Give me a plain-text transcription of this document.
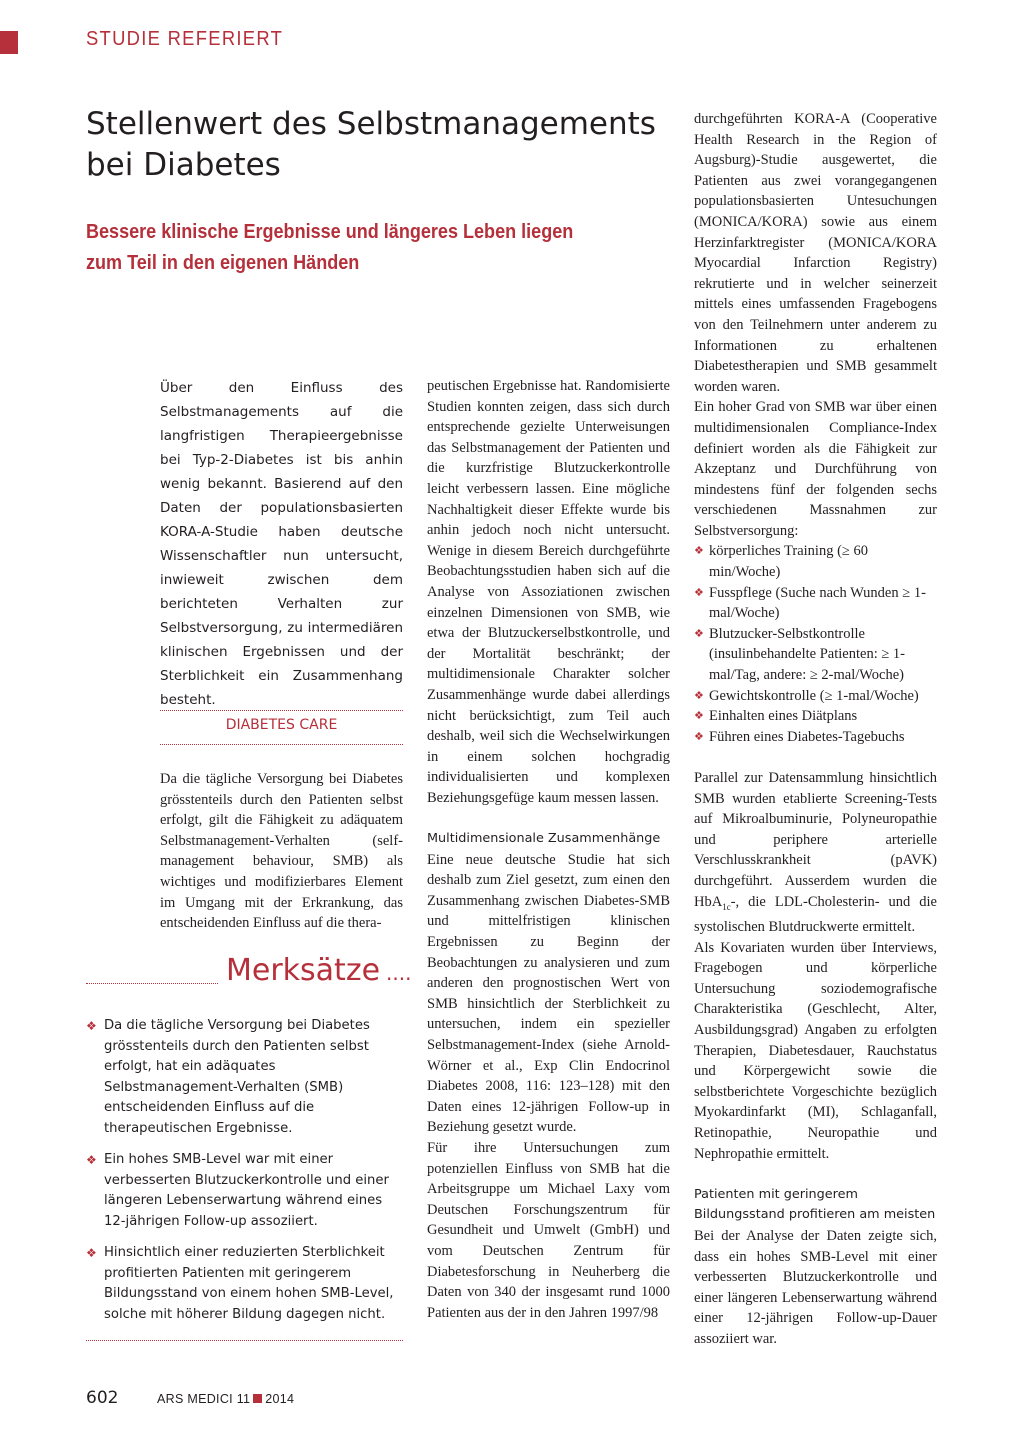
STUDIE REFERIERT
Stellenwert des Selbstmanagements bei Diabetes
Bessere klinische Ergebnisse und längeres Leben liegen zum Teil in den eigenen Händen

Über den Einfluss des Selbstmanagements auf die langfristigen Therapieergebnisse bei Typ-2-Diabetes ist bis anhin wenig bekannt. Basierend auf den Daten der populationsbasierten KORA-A-Studie haben deutsche Wissenschaftler nun untersucht, inwieweit zwischen dem berichteten Verhalten zur Selbstversorgung, zu intermediären klinischen Ergebnissen und der Sterblichkeit ein Zusammenhang besteht.

DIABETES CARE

Da die tägliche Versorgung bei Diabetes grösstenteils durch den Patienten selbst erfolgt, gilt die Fähigkeit zu adäquatem Selbstmanagement-Verhalten (self-management behaviour, SMB) als wichtiges und modifizierbares Element im Umgang mit der Erkrankung, das entscheidenden Einfluss auf die thera-

Merksätze ....
❖ Da die tägliche Versorgung bei Diabetes grösstenteils durch den Patienten selbst erfolgt, hat ein adäquates Selbstmanagement-Verhalten (SMB) entscheidenden Einfluss auf die therapeutischen Ergebnisse.
❖ Ein hohes SMB-Level war mit einer verbesserten Blutzuckerkontrolle und einer längeren Lebenserwartung während eines 12-jährigen Follow-up assoziiert.
❖ Hinsichtlich einer reduzierten Sterblichkeit profitierten Patienten mit geringerem Bildungsstand von einem hohen SMB-Level, solche mit höherer Bildung dagegen nicht.

peutischen Ergebnisse hat. Randomisierte Studien konnten zeigen, dass sich durch entsprechende gezielte Unterweisungen das Selbstmanagement der Patienten und die kurzfristige Blutzuckerkontrolle leicht verbessern lassen. Eine mögliche Nachhaltigkeit dieser Effekte wurde bis anhin jedoch noch nicht untersucht. Wenige in diesem Bereich durchgeführte Beobachtungsstudien haben sich auf die Analyse von Assoziationen zwischen einzelnen Dimensionen von SMB, wie etwa der Blutzuckerselbstkontrolle, und der Mortalität beschränkt; der multidimensionale Charakter solcher Zusammenhänge wurde dabei allerdings nicht berücksichtigt, zum Teil auch deshalb, weil sich die Wechselwirkungen in einem solchen hochgradig individualisierten und komplexen Beziehungsgefüge kaum messen lassen.

Multidimensionale Zusammenhänge

Eine neue deutsche Studie hat sich deshalb zum Ziel gesetzt, zum einen den Zusammenhang zwischen Diabetes-SMB und mittelfristigen klinischen Ergebnissen zu Beginn der Beobachtungen zu analysieren und zum anderen den prognostischen Wert von SMB hinsichtlich der Sterblichkeit zu untersuchen, indem ein spezieller Selbstmanagement-Index (siehe Arnold-Wörner et al., Exp Clin Endocrinol Diabetes 2008, 116: 123–128) mit den Daten eines 12-jährigen Follow-up in Beziehung gesetzt wurde.

Für ihre Untersuchungen zum potenziellen Einfluss von SMB hat die Arbeitsgruppe um Michael Laxy vom Deutschen Forschungszentrum für Gesundheit und Umwelt (GmbH) und vom Deutschen Zentrum für Diabetesforschung in Neuherberg die Daten von 340 der insgesamt rund 1000 Patienten aus der in den Jahren 1997/98

durchgeführten KORA-A (Cooperative Health Research in the Region of Augsburg)-Studie ausgewertet, die Patienten aus zwei vorangegangenen populationsbasierten Untesuchungen (MONICA/KORA) sowie aus einem Herzinfarktregister (MONICA/KORA Myocardial Infarction Registry) rekrutierte und in welcher seinerzeit mittels eines umfassenden Fragebogens von den Teilnehmern unter anderem zu Informationen zu erhaltenen Diabetestherapien und SMB gesammelt worden waren.

Ein hoher Grad von SMB war über einen multidimensionalen Compliance-Index definiert worden als die Fähigkeit zur Akzeptanz und Durchführung von mindestens fünf der folgenden sechs verschiedenen Massnahmen zur Selbstversorgung:

❖ körperliches Training (≥ 60 min/Woche)
❖ Fusspflege (Suche nach Wunden ≥ 1-mal/Woche)
❖ Blutzucker-Selbstkontrolle (insulinbehandelte Patienten: ≥ 1-mal/Tag, andere: ≥ 2-mal/Woche)
❖ Gewichtskontrolle (≥ 1-mal/Woche)
❖ Einhalten eines Diätplans
❖ Führen eines Diabetes-Tagebuchs

Parallel zur Datensammlung hinsichtlich SMB wurden etablierte Screening-Tests auf Mikroalbuminurie, Polyneuropathie und periphere arterielle Verschlusskrankheit (pAVK) durchgeführt. Ausserdem wurden die HbA$_{1c}$-, die LDL-Cholesterin- und die systolischen Blutdruckwerte ermittelt.

Als Kovariaten wurden über Interviews, Fragebogen und körperliche Untersuchung soziodemografische Charakteristika (Geschlecht, Alter, Ausbildungsgrad) Angaben zu erfolgten Therapien, Diabetesdauer, Rauchstatus und Körpergewicht sowie die selbstberichtete Vorgeschichte bezüglich Myokardinfarkt (MI), Schlaganfall, Retinopathie, Neuropathie und Nephropathie ermittelt.

Patienten mit geringerem Bildungsstand profitieren am meisten

Bei der Analyse der Daten zeigte sich, dass ein hohes SMB-Level mit einer verbesserten Blutzuckerkontrolle und einer längeren Lebenserwartung während einer 12-jährigen Follow-up-Dauer assoziiert war.

602	ARS MEDICI 11 2014
